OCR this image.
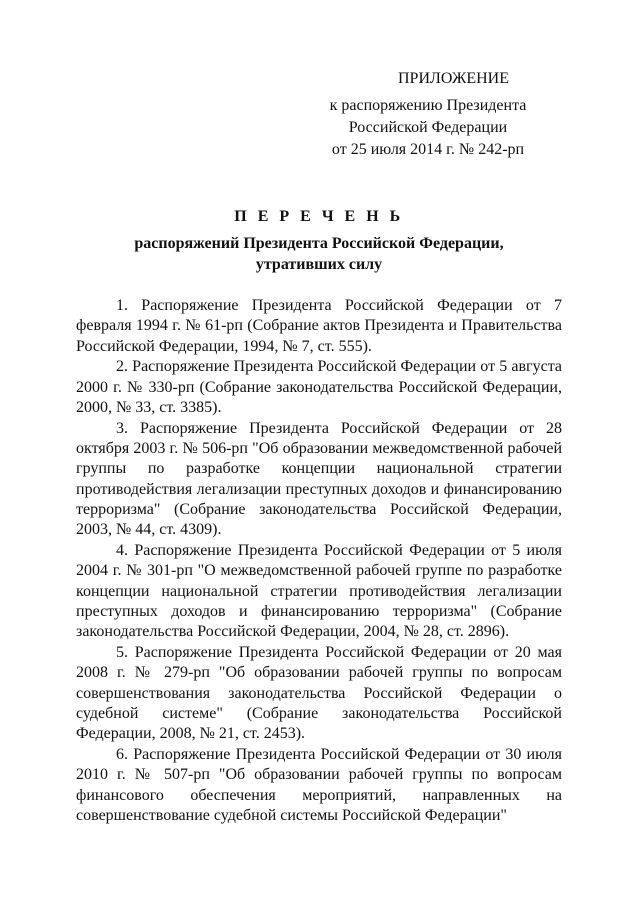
ПРИЛОЖЕНИЕ
к распоряжению Президента
Российской Федерации
от 25 июля 2014 г. № 242-рп
П Е Р Е Ч Е Н Ь
распоряжений Президента Российской Федерации,
утративших силу

1. Распоряжение Президента Российской Федерации от 7 февраля 1994 г. № 61-рп (Собрание актов Президента и Правительства Российской Федерации, 1994, № 7, ст. 555).

2. Распоряжение Президента Российской Федерации от 5 августа 2000 г. № 330-рп (Собрание законодательства Российской Федерации, 2000, № 33, ст. 3385).

3. Распоряжение Президента Российской Федерации от 28 октября 2003 г. № 506-рп "Об образовании межведомственной рабочей группы по разработке концепции национальной стратегии противодействия легализации преступных доходов и финансированию терроризма" (Собрание законодательства Российской Федерации, 2003, № 44, ст. 4309).

4. Распоряжение Президента Российской Федерации от 5 июля 2004 г. № 301-рп "О межведомственной рабочей группе по разработке концепции национальной стратегии противодействия легализации преступных доходов и финансированию терроризма" (Собрание законодательства Российской Федерации, 2004, № 28, ст. 2896).

5. Распоряжение Президента Российской Федерации от 20 мая 2008 г. № 279-рп "Об образовании рабочей группы по вопросам совершенствования законодательства Российской Федерации о судебной системе" (Собрание законодательства Российской Федерации, 2008, № 21, ст. 2453).

6. Распоряжение Президента Российской Федерации от 30 июля 2010 г. № 507-рп "Об образовании рабочей группы по вопросам финансового обеспечения мероприятий, направленных на совершенствование судебной системы Российской Федерации"
